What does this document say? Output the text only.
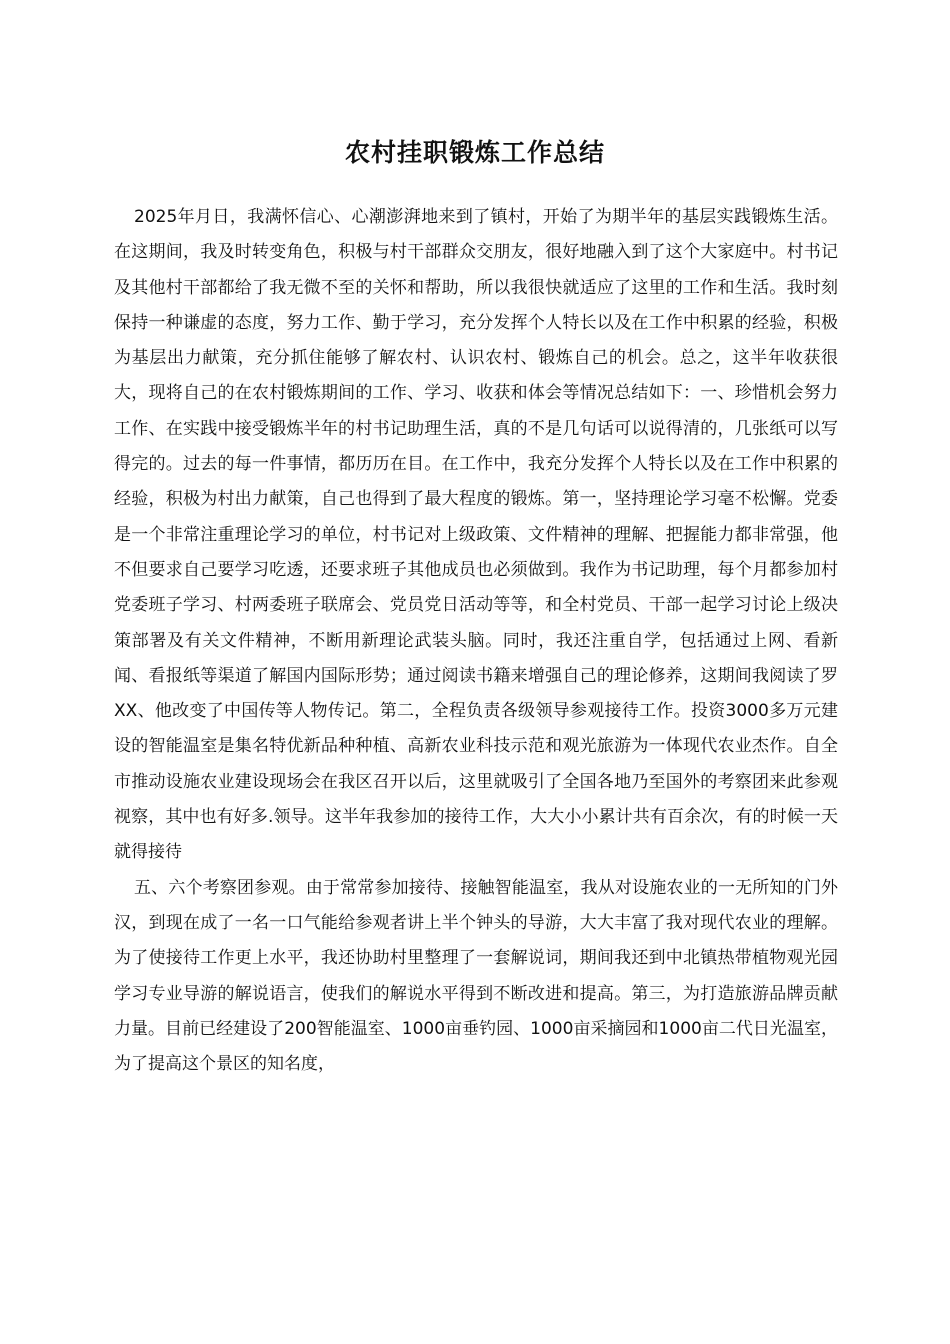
农村挂职锻炼工作总结

2025年月日，我满怀信心、心潮澎湃地来到了镇村，开始了为期半年的基层实践锻炼生活。在这期间，我及时转变角色，积极与村干部群众交朋友，很好地融入到了这个大家庭中。村书记及其他村干部都给了我无微不至的关怀和帮助，所以我很快就适应了这里的工作和生活。我时刻保持一种谦虚的态度，努力工作、勤于学习，充分发挥个人特长以及在工作中积累的经验，积极为基层出力献策，充分抓住能够了解农村、认识农村、锻炼自己的机会。总之，这半年收获很大，现将自己的在农村锻炼期间的工作、学习、收获和体会等情况总结如下：一、珍惜机会努力工作、在实践中接受锻炼半年的村书记助理生活，真的不是几句话可以说得清的，几张纸可以写得完的。过去的每一件事情，都历历在目。在工作中，我充分发挥个人特长以及在工作中积累的经验，积极为村出力献策，自己也得到了最大程度的锻炼。第一，坚持理论学习毫不松懈。党委是一个非常注重理论学习的单位，村书记对上级政策、文件精神的理解、把握能力都非常强，他不但要求自己要学习吃透，还要求班子其他成员也必须做到。我作为书记助理，每个月都参加村党委班子学习、村两委班子联席会、党员党日活动等等，和全村党员、干部一起学习讨论上级决策部署及有关文件精神，不断用新理论武装头脑。同时，我还注重自学，包括通过上网、看新闻、看报纸等渠道了解国内国际形势；通过阅读书籍来增强自己的理论修养，这期间我阅读了罗XX、他改变了中国传等人物传记。第二，全程负责各级领导参观接待工作。投资3000多万元建设的智能温室是集名特优新品种种植、高新农业科技示范和观光旅游为一体现代农业杰作。自全市推动设施农业建设现场会在我区召开以后，这里就吸引了全国各地乃至国外的考察团来此参观视察，其中也有好多.领导。这半年我参加的接待工作，大大小小累计共有百余次，有的时候一天就得接待

五、六个考察团参观。由于常常参加接待、接触智能温室，我从对设施农业的一无所知的门外汉，到现在成了一名一口气能给参观者讲上半个钟头的导游，大大丰富了我对现代农业的理解。为了使接待工作更上水平，我还协助村里整理了一套解说词，期间我还到中北镇热带植物观光园学习专业导游的解说语言，使我们的解说水平得到不断改进和提高。第三，为打造旅游品牌贡献力量。目前已经建设了200智能温室、1000亩垂钓园、1000亩采摘园和1000亩二代日光温室，为了提高这个景区的知名度，
